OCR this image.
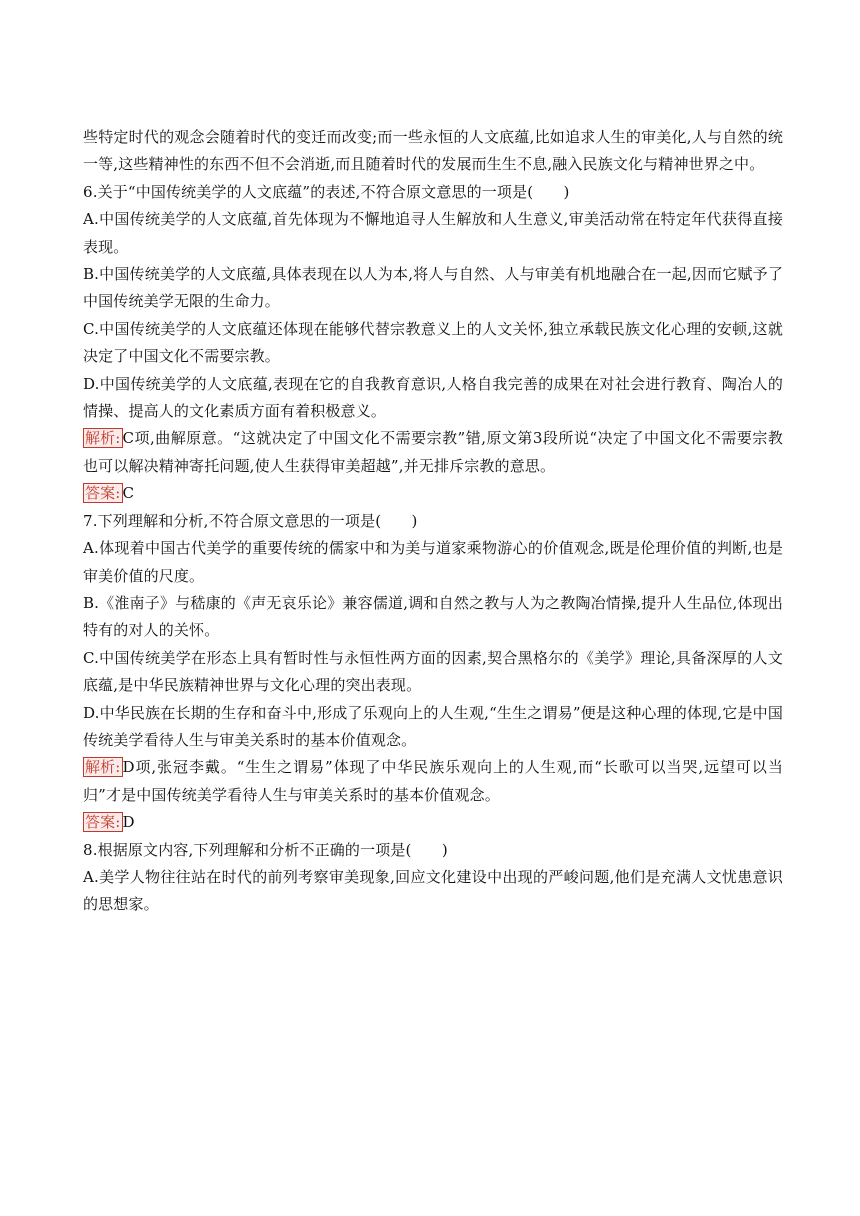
些特定时代的观念会随着时代的变迁而改变;而一些永恒的人文底蕴,比如追求人生的审美化,人与自然的统一等,这些精神性的东西不但不会消逝,而且随着时代的发展而生生不息,融入民族文化与精神世界之中。

6.关于“中国传统美学的人文底蕴”的表述,不符合原文意思的一项是(　　)

A.中国传统美学的人文底蕴,首先体现为不懈地追寻人生解放和人生意义,审美活动常在特定年代获得直接表现。

B.中国传统美学的人文底蕴,具体表现在以人为本,将人与自然、人与审美有机地融合在一起,因而它赋予了中国传统美学无限的生命力。

C.中国传统美学的人文底蕴还体现在能够代替宗教意义上的人文关怀,独立承载民族文化心理的安顿,这就决定了中国文化不需要宗教。

D.中国传统美学的人文底蕴,表现在它的自我教育意识,人格自我完善的成果在对社会进行教育、陶冶人的情操、提高人的文化素质方面有着积极意义。

解析: C项,曲解原意。“这就决定了中国文化不需要宗教”错,原文第3段所说“决定了中国文化不需要宗教也可以解决精神寄托问题,使人生获得审美超越”,并无排斥宗教的意思。

答案: C

7.下列理解和分析,不符合原文意思的一项是(　　)

A.体现着中国古代美学的重要传统的儒家中和为美与道家乘物游心的价值观念,既是伦理价值的判断,也是审美价值的尺度。

B.《淮南子》与嵇康的《声无哀乐论》兼容儒道,调和自然之教与人为之教陶冶情操,提升人生品位,体现出特有的对人的关怀。

C.中国传统美学在形态上具有暂时性与永恒性两方面的因素,契合黑格尔的《美学》理论,具备深厚的人文底蕴,是中华民族精神世界与文化心理的突出表现。

D.中华民族在长期的生存和奋斗中,形成了乐观向上的人生观,“生生之谓易”便是这种心理的体现,它是中国传统美学看待人生与审美关系时的基本价值观念。

解析: D项,张冠李戴。“生生之谓易”体现了中华民族乐观向上的人生观,而“长歌可以当哭,远望可以当归”才是中国传统美学看待人生与审美关系时的基本价值观念。

答案: D

8.根据原文内容,下列理解和分析不正确的一项是(　　)

A.美学人物往往站在时代的前列考察审美现象,回应文化建设中出现的严峻问题,他们是充满人文忧患意识的思想家。
